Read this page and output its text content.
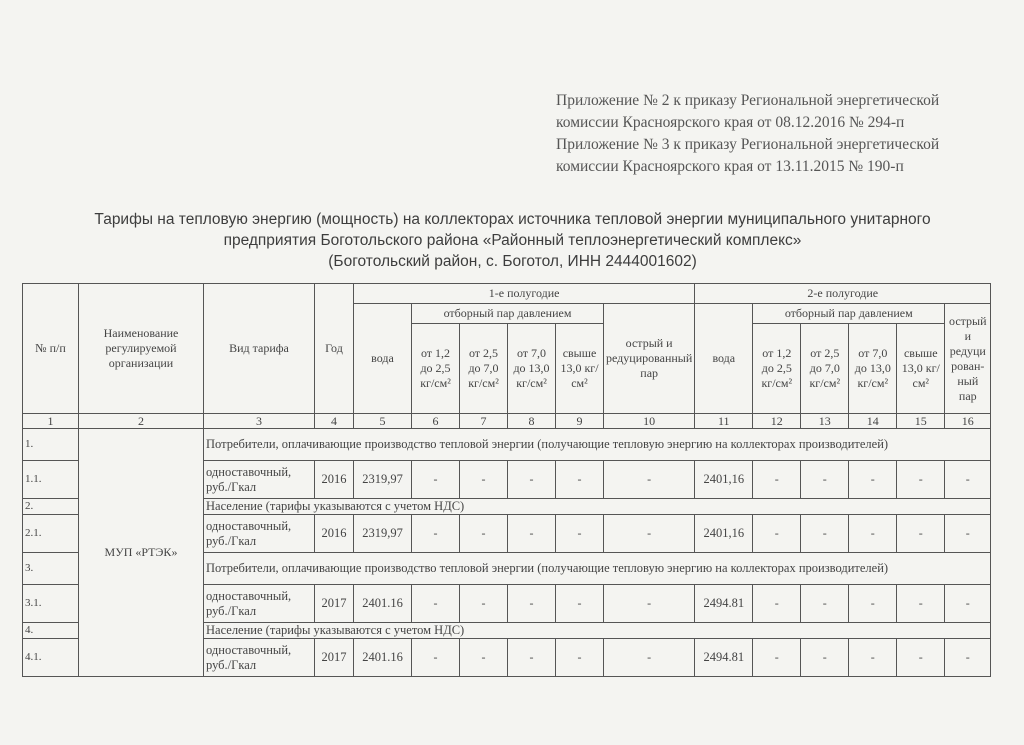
Приложение № 2 к приказу Региональной энергетической комиссии Красноярского края от 08.12.2016 № 294-п

Приложение № 3 к приказу Региональной энергетической комиссии Красноярского края от 13.11.2015 № 190-п

Тарифы на тепловую энергию (мощность) на коллекторах источника тепловой энергии муниципального унитарного

предприятия Боготольского района «Районный теплоэнергетический комплекс»

(Боготольский район, с. Боготол, ИНН 2444001602)

№ п/п	Наименование регулируемой организации	Вид тарифа	Год	1-е полугодие						2-е полугодие					
				вода	отборный пар давлением				острый и редуцированный пар	вода	отборный пар давлением				острый и редуци рован-ный пар
					от 1,2 до 2,5 кг/см²	от 2,5 до 7,0 кг/см²	от 7,0 до 13,0 кг/см²	свыше 13,0 кг/см²			от 1,2 до 2,5 кг/см²	от 2,5 до 7,0 кг/см²	от 7,0 до 13,0 кг/см²	свыше 13,0 кг/см²	
1	2	3	4	5	6	7	8	9	10	11	12	13	14	15	16
1.	МУП «РТЭК»	Потребители, оплачивающие производство тепловой энергии (получающие тепловую энергию на коллекторах производителей)													
1.1.		одноставочный, руб./Гкал	2016	2319,97	-	-	-	-	-	2401,16	-	-	-	-	-
2.		Население (тарифы указываются с учетом НДС)													
2.1.		одноставочный, руб./Гкал	2016	2319,97	-	-	-	-	-	2401,16	-	-	-	-	-
3.		Потребители, оплачивающие производство тепловой энергии (получающие тепловую энергию на коллекторах производителей)													
3.1.		одноставочный, руб./Гкал	2017	2401.16	-	-	-	-	-	2494.81	-	-	-	-	-
4.		Население (тарифы указываются с учетом НДС)													
4.1.		одноставочный, руб./Гкал	2017	2401.16	-	-	-	-	-	2494.81	-	-	-	-	-
